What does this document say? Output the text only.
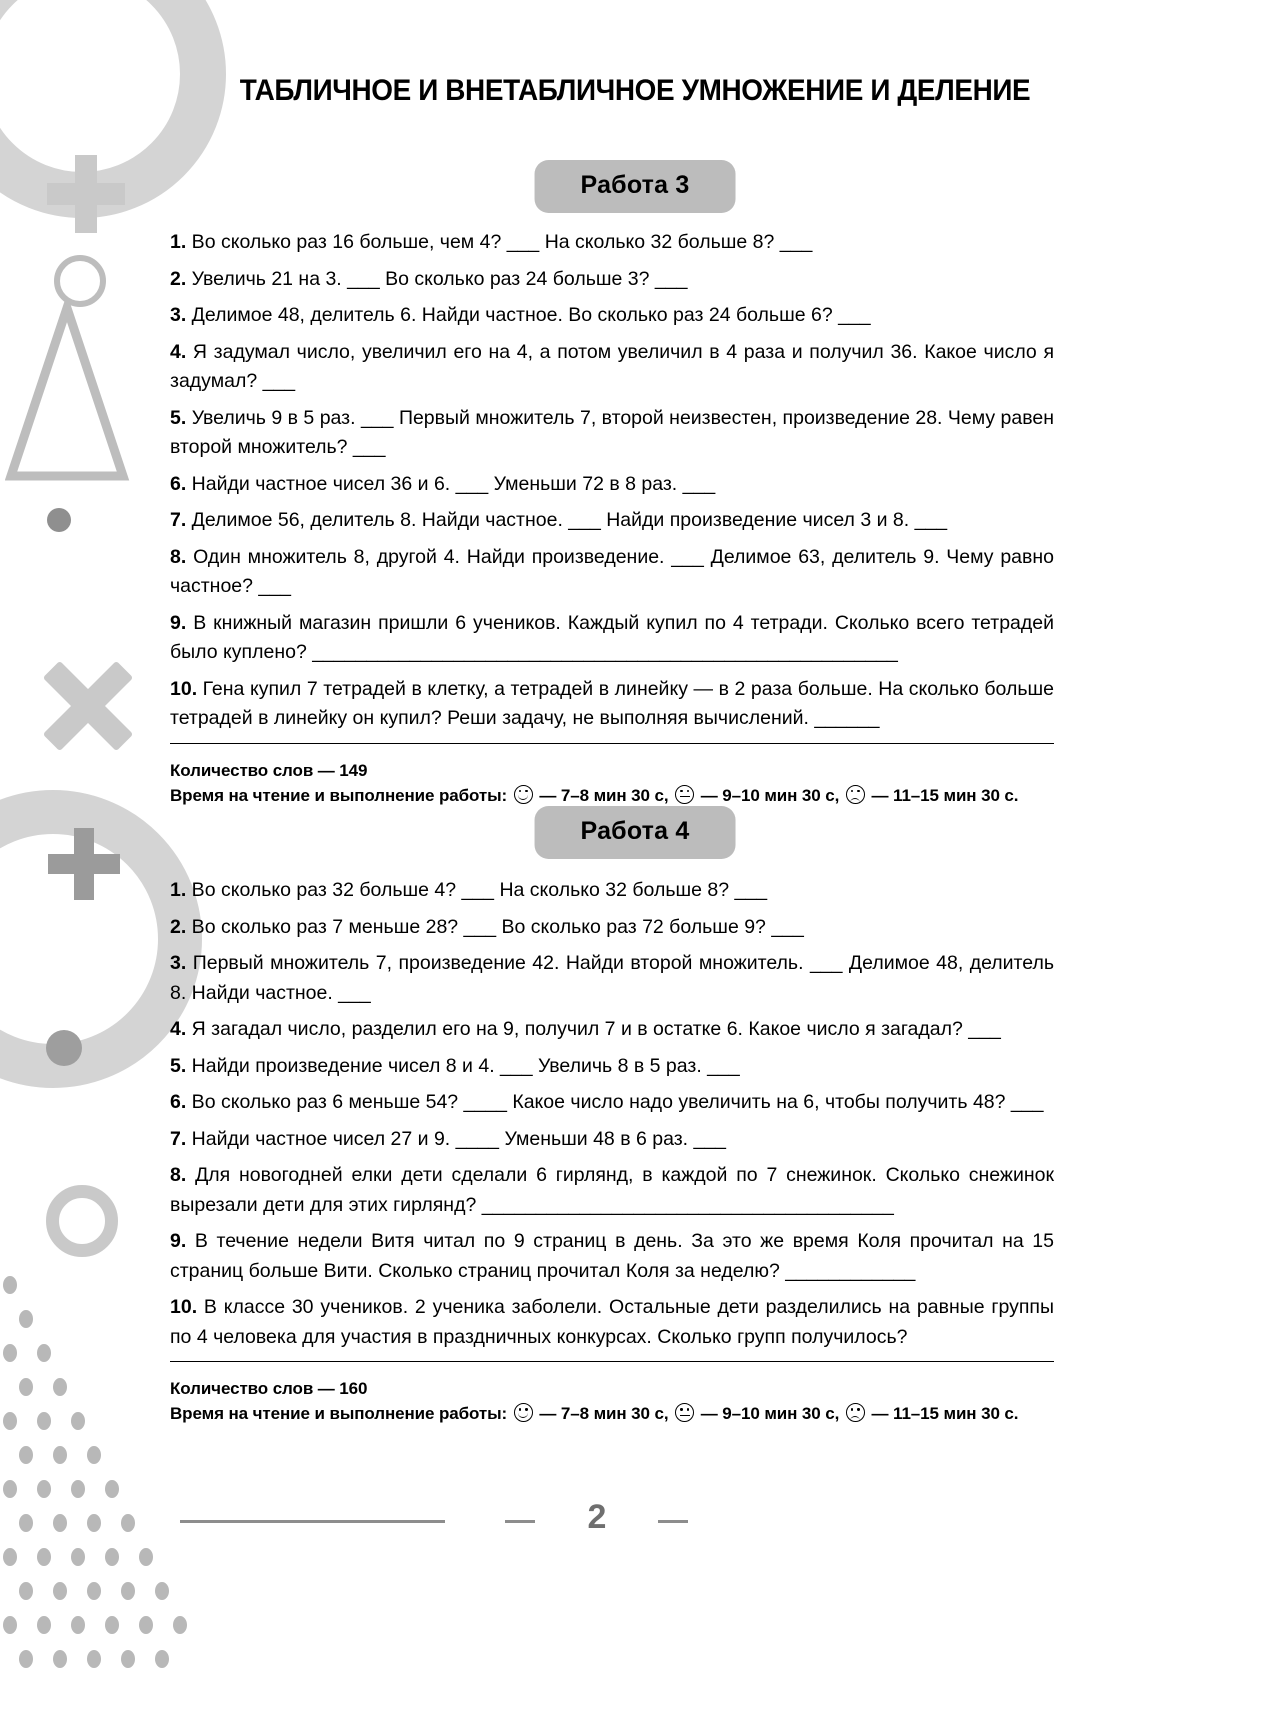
ТАБЛИЧНОЕ И ВНЕТАБЛИЧНОЕ УМНОЖЕНИЕ И ДЕЛЕНИЕ
Работа 3

1. Во сколько раз 16 больше, чем 4? ___ На сколько 32 больше 8? ___

2. Увеличь 21 на 3. ___ Во сколько раз 24 больше 3? ___

3. Делимое 48, делитель 6. Найди частное. Во сколько раз 24 больше 6? ___

4. Я задумал число, увеличил его на 4, а потом увеличил в 4 раза и получил 36. Какое число я задумал? ___

5. Увеличь 9 в 5 раз. ___ Первый множитель 7, второй неизвестен, произведение 28. Чему равен второй множитель? ___

6. Найди частное чисел 36 и 6. ___ Уменьши 72 в 8 раз. ___

7. Делимое 56, делитель 8. Найди частное. ___ Найди произведение чисел 3 и 8. ___

8. Один множитель 8, другой 4. Найди произведение. ___ Делимое 63, делитель 9. Чему равно частное? ___

9. В книжный магазин пришли 6 учеников. Каждый купил по 4 тетради. Сколько всего тетрадей было куплено? ______________________________________________________

10. Гена купил 7 тетрадей в клетку, а тетрадей в линейку — в 2 раза больше. На сколько больше тетрадей в линейку он купил? Реши задачу, не выполняя вычислений. ______

Количество слов — 149
Время на чтение и выполнение работы:
— 7–8 мин 30 с,
— 9–10 мин 30 с,
— 11–15 мин 30 с.
Работа 4

1. Во сколько раз 32 больше 4? ___ На сколько 32 больше 8? ___

2. Во сколько раз 7 меньше 28? ___ Во сколько раз 72 больше 9? ___

3. Первый множитель 7, произведение 42. Найди второй множитель. ___ Делимое 48, делитель 8. Найди частное. ___

4. Я загадал число, разделил его на 9, получил 7 и в остатке 6. Какое число я загадал? ___

5. Найди произведение чисел 8 и 4. ___ Увеличь 8 в 5 раз. ___

6. Во сколько раз 6 меньше 54? ____ Какое число надо увеличить на 6, чтобы получить 48? ___

7. Найди частное чисел 27 и 9. ____ Уменьши 48 в 6 раз. ___

8. Для новогодней елки дети сделали 6 гирлянд, в каждой по 7 снежинок. Сколько снежинок вырезали дети для этих гирлянд? ______________________________________

9. В течение недели Витя читал по 9 страниц в день. За это же время Коля прочитал на 15 страниц больше Вити. Сколько страниц прочитал Коля за неделю? ____________

10. В классе 30 учеников. 2 ученика заболели. Остальные дети разделились на равные группы по 4 человека для участия в праздничных конкурсах. Сколько групп получилось?

Количество слов — 160
Время на чтение и выполнение работы:
— 7–8 мин 30 с,
— 9–10 мин 30 с,
— 11–15 мин 30 с.
2
